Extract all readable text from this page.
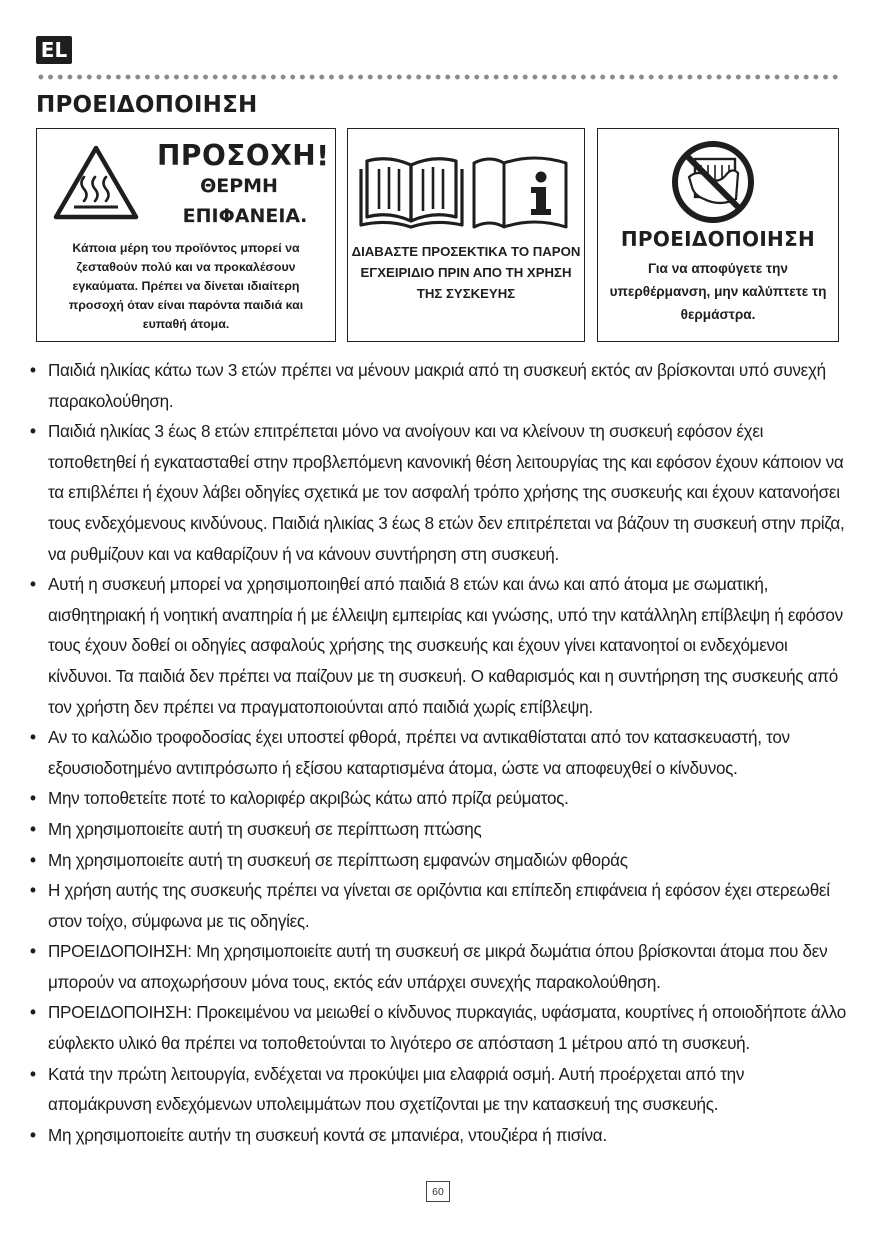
EL
ΠΡΟΕΙΔΟΠΟΙΗΣΗ
ΠΡΟΣΟΧΗ!
ΘΕΡΜΗ
ΕΠΙΦΑΝΕΙΑ.
Κάποια μέρη του προϊόντος μπορεί να ζεσταθούν πολύ και να προκαλέσουν εγκαύματα. Πρέπει να δίνεται ιδιαίτερη προσοχή όταν είναι παρόντα παιδιά και ευπαθή άτομα.
ΔΙΑΒΑΣΤΕ ΠΡΟΣΕΚΤΙΚΑ ΤΟ ΠΑΡΟΝ ΕΓΧΕΙΡΙΔΙΟ ΠΡΙΝ ΑΠΟ ΤΗ ΧΡΗΣΗ ΤΗΣ ΣΥΣΚΕΥΗΣ
ΠΡΟΕΙΔΟΠΟΙΗΣΗ
Για να αποφύγετε την υπερθέρμανση, μην καλύπτετε τη θερμάστρα.
• Παιδιά ηλικίας κάτω των 3 ετών πρέπει να μένουν μακριά από τη συσκευή εκτός αν βρίσκονται υπό συνεχή παρακολούθηση.
• Παιδιά ηλικίας 3 έως 8 ετών επιτρέπεται μόνο να ανοίγουν και να κλείνουν τη συσκευή εφόσον έχει τοποθετηθεί ή εγκατασταθεί στην προβλεπόμενη κανονική θέση λειτουργίας της και εφόσον έχουν κάποιον να τα επιβλέπει ή έχουν λάβει οδηγίες σχετικά με τον ασφαλή τρόπο χρήσης της συσκευής και έχουν κατανοήσει τους ενδεχόμενους κινδύνους. Παιδιά ηλικίας 3 έως 8 ετών δεν επιτρέπεται να βάζουν τη συσκευή στην πρίζα, να ρυθμίζουν και να καθαρίζουν ή να κάνουν συντήρηση στη συσκευή.
• Αυτή η συσκευή μπορεί να χρησιμοποιηθεί από παιδιά 8 ετών και άνω και από άτομα με σωματική, αισθητηριακή ή νοητική αναπηρία ή με έλλειψη εμπειρίας και γνώσης, υπό την κατάλληλη επίβλεψη ή εφόσον τους έχουν δοθεί οι οδηγίες ασφαλούς χρήσης της συσκευής και έχουν γίνει κατανοητοί οι ενδεχόμενοι κίνδυνοι. Τα παιδιά δεν πρέπει να παίζουν με τη συσκευή. Ο καθαρισμός και η συντήρηση της συσκευής από τον χρήστη δεν πρέπει να πραγματοποιούνται από παιδιά χωρίς επίβλεψη.
• Αν το καλώδιο τροφοδοσίας έχει υποστεί φθορά, πρέπει να αντικαθίσταται από τον κατασκευαστή, τον εξουσιοδοτημένο αντιπρόσωπο ή εξίσου καταρτισμένα άτομα, ώστε να αποφευχθεί ο κίνδυνος.
• Μην τοποθετείτε ποτέ το καλοριφέρ ακριβώς κάτω από πρίζα ρεύματος.
• Μη χρησιμοποιείτε αυτή τη συσκευή σε περίπτωση πτώσης
• Μη χρησιμοποιείτε αυτή τη συσκευή σε περίπτωση εμφανών σημαδιών φθοράς
• Η χρήση αυτής της συσκευής πρέπει να γίνεται σε οριζόντια και επίπεδη επιφάνεια ή εφόσον έχει στερεωθεί στον τοίχο, σύμφωνα με τις οδηγίες.
• ΠΡΟΕΙΔΟΠΟΙΗΣΗ: Μη χρησιμοποιείτε αυτή τη συσκευή σε μικρά δωμάτια όπου βρίσκονται άτομα που δεν μπορούν να αποχωρήσουν μόνα τους, εκτός εάν υπάρχει συνεχής παρακολούθηση.
• ΠΡΟΕΙΔΟΠΟΙΗΣΗ: Προκειμένου να μειωθεί ο κίνδυνος πυρκαγιάς, υφάσματα, κουρτίνες ή οποιοδήποτε άλλο εύφλεκτο υλικό θα πρέπει να τοποθετούνται το λιγότερο σε απόσταση 1 μέτρου από τη συσκευή.
• Κατά την πρώτη λειτουργία, ενδέχεται να προκύψει μια ελαφριά οσμή. Αυτή προέρχεται από την απομάκρυνση ενδεχόμενων υπολειμμάτων που σχετίζονται με την κατασκευή της συσκευής.
• Μη χρησιμοποιείτε αυτήν τη συσκευή κοντά σε μπανιέρα, ντουζιέρα ή πισίνα.
60
